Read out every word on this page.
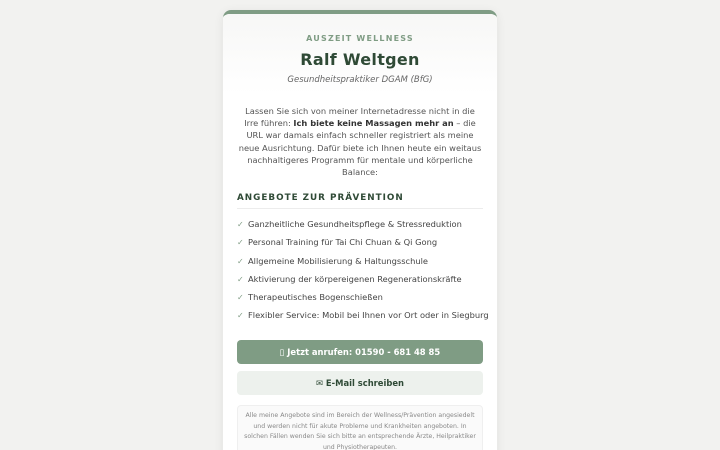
AUSZEIT WELLNESS
Ralf Weltgen
Gesundheitspraktiker DGAM (BfG)

Lassen Sie sich von meiner Internetadresse nicht in die Irre führen: Ich biete keine Massagen mehr an – die URL war damals einfach schneller registriert als meine neue Ausrichtung. Dafür biete ich Ihnen heute ein weitaus nachhaltigeres Programm für mentale und körperliche Balance:

ANGEBOTE ZUR PRÄVENTION
✓ Ganzheitliche Gesundheitspflege & Stressreduktion
✓ Personal Training für Tai Chi Chuan & Qi Gong
✓ Allgemeine Mobilisierung & Haltungsschule
✓ Aktivierung der körpereigenen Regenerationskräfte
✓ Therapeutisches Bogenschießen
✓ Flexibler Service: Mobil bei Ihnen vor Ort oder in Siegburg
▯ Jetzt anrufen: 01590 - 681 48 85
✉ E-Mail schreiben
Alle meine Angebote sind im Bereich der Wellness/Prävention angesiedelt und werden nicht für akute Probleme und Krankheiten angeboten. In solchen Fällen wenden Sie sich bitte an entsprechende Ärzte, Heilpraktiker und Physiotherapeuten.
